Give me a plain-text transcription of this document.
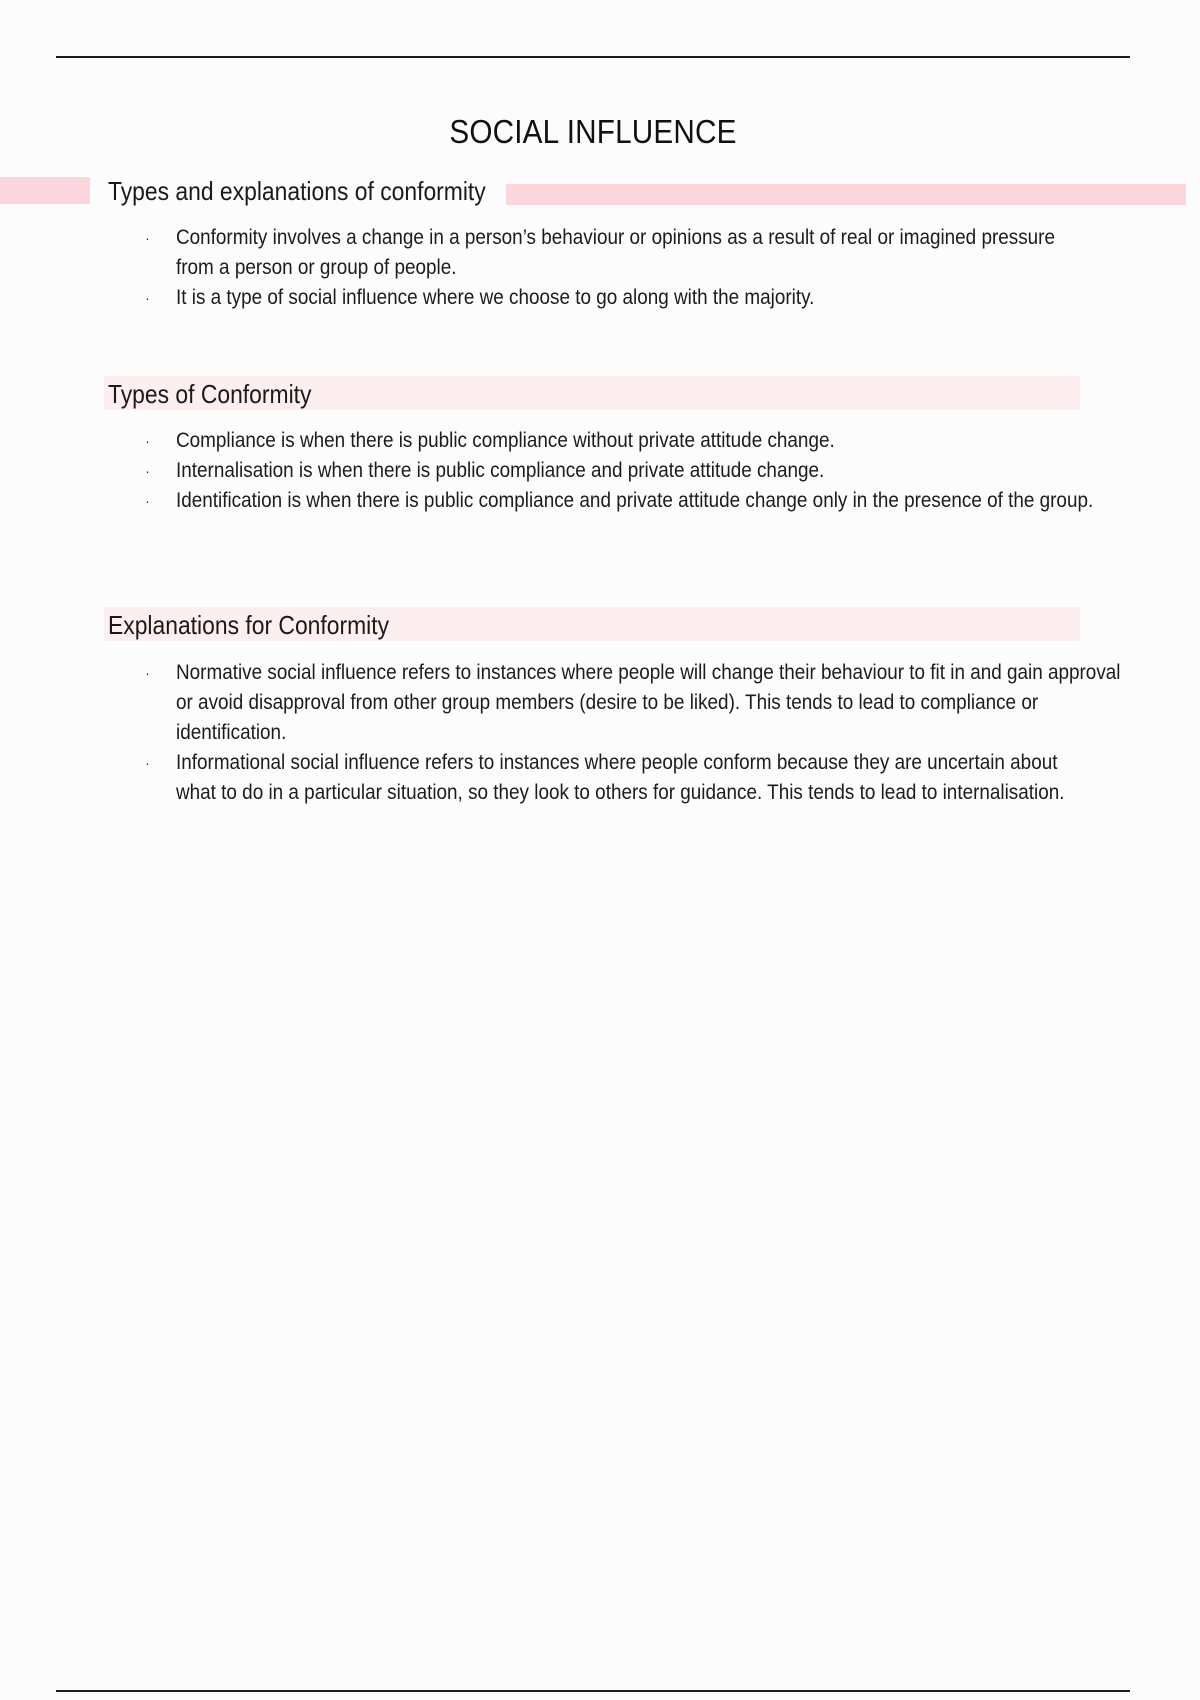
SOCIAL INFLUENCE
Types and explanations of conformity
· Conformity involves a change in a person’s behaviour or opinions as a result of real or imagined pressure from a person or group of people.
· It is a type of social influence where we choose to go along with the majority.
Types of Conformity
· Compliance is when there is public compliance without private attitude change.
· Internalisation is when there is public compliance and private attitude change.
· Identification is when there is public compliance and private attitude change only in the presence of the group.
Explanations for Conformity
· Normative social influence refers to instances where people will change their behaviour to fit in and gain approval or avoid disapproval from other group members (desire to be liked). This tends to lead to compliance or identification.
· Informational social influence refers to instances where people conform because they are uncertain about what to do in a particular situation, so they look to others for guidance. This tends to lead to internalisation.
